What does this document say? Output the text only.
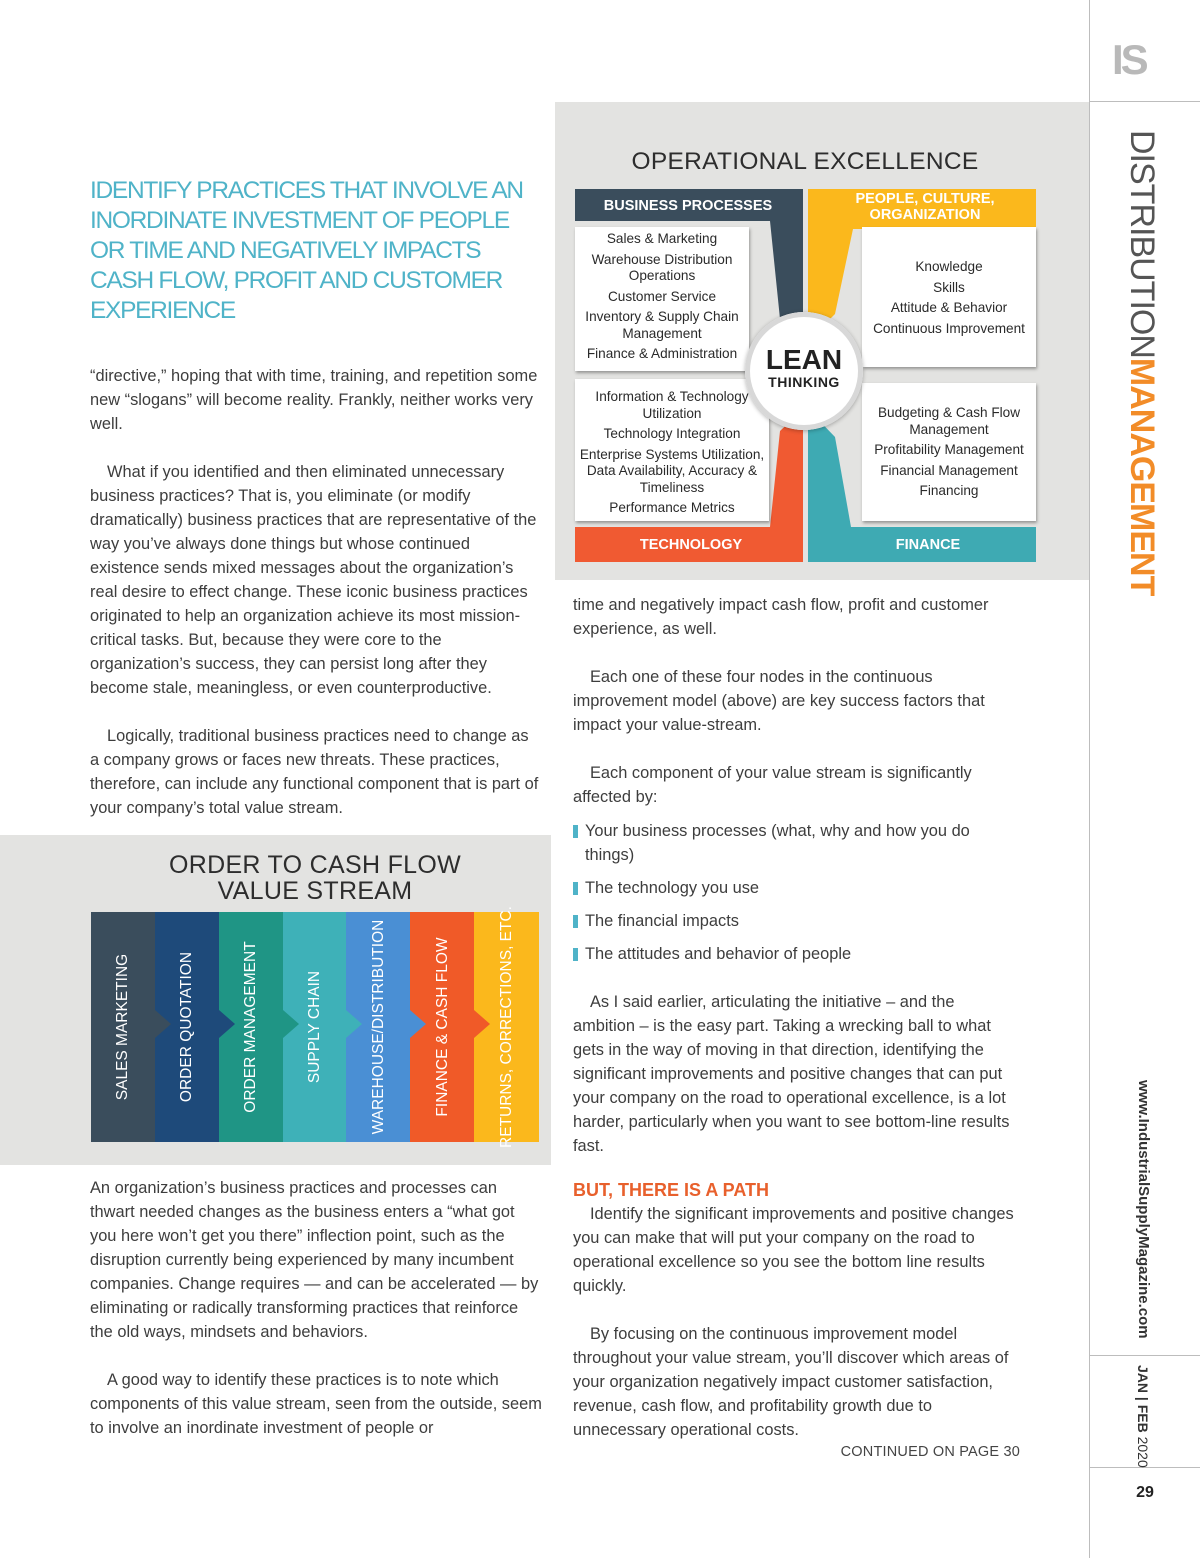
IS
DISTRIBUTIONMANAGEMENT
www.IndustrialSupplyMagazine.com
JAN | FEB 2020
29
IDENTIFY PRACTICES THAT INVOLVE AN INORDINATE INVESTMENT OF PEOPLE OR TIME AND NEGATIVELY IMPACTS CASH FLOW, PROFIT AND CUSTOMER EXPERIENCE

“directive,” hoping that with time, training, and repetition some new “slogans” will become reality. Frankly, neither works very well.

What if you identified and then eliminated unnecessary business practices? That is, you eliminate (or modify dramatically) business practices that are representative of the way you’ve always done things but whose continued existence sends mixed messages about the organization’s real desire to effect change. These iconic business practices originated to help an organization achieve its most mission-critical tasks. But, because they were core to the organization’s success, they can persist long after they become stale, meaningless, or even counterproductive.

Logically, traditional business practices need to change as a company grows or faces new threats. These practices, therefore, can include any functional component that is part of your company’s total value stream.

ORDER TO CASH FLOW
VALUE STREAM
SALES MARKETING	ORDER QUOTATION	ORDER MANAGEMENT	SUPPLY CHAIN	WAREHOUSE/DISTRIBUTION	FINANCE & CASH FLOW	RETURNS, CORRECTIONS, ETC.
OPERATIONAL EXCELLENCE
BUSINESS PROCESSES	PEOPLE, CULTURE, ORGANIZATION
TECHNOLOGY	FINANCE
Sales & Marketing
Warehouse Distribution Operations
Customer Service
Inventory & Supply Chain Management
Finance & Administration
Knowledge
Skills
Attitude & Behavior
Continuous Improvement
Information & Technology Utilization
Technology Integration
Enterprise Systems Utilization, Data Availability, Accuracy & Timeliness
Performance Metrics
Budgeting & Cash Flow Management
Profitability Management
Financial Management
Financing
LEAN
THINKING

time and negatively impact cash flow, profit and customer experience, as well.

Each one of these four nodes in the continuous improvement model (above) are key success factors that impact your value-stream.

Each component of your value stream is significantly affected by:

Your business processes (what, why and how you do things)
The technology you use
The financial impacts
The attitudes and behavior of people

As I said earlier, articulating the initiative – and the ambition – is the easy part. Taking a wrecking ball to what gets in the way of moving in that direction, identifying the significant improvements and positive changes that can put your company on the road to operational excellence, is a lot harder, particularly when you want to see bottom-line results fast.

BUT, THERE IS A PATH

Identify the significant improvements and positive changes you can make that will put your company on the road to operational excellence so you see the bottom line results quickly.

By focusing on the continuous improvement model throughout your value stream, you’ll discover which areas of your organization negatively impact customer satisfaction, revenue, cash flow, and profitability growth due to unnecessary operational costs.

CONTINUED ON PAGE 30

An organization’s business practices and processes can thwart needed changes as the business enters a “what got you here won’t get you there” inflection point, such as the disruption currently being experienced by many incumbent companies. Change requires — and can be accelerated — by eliminating or radically transforming practices that reinforce the old ways, mindsets and behaviors.

A good way to identify these practices is to note which components of this value stream, seen from the outside, seem to involve an inordinate investment of people or
